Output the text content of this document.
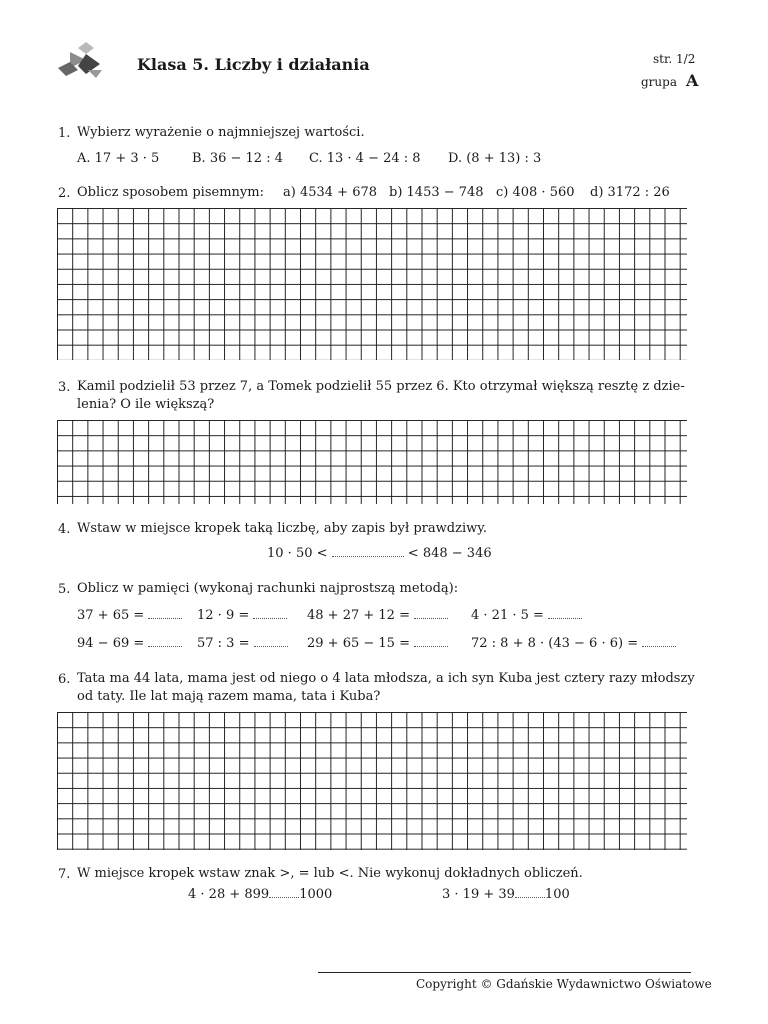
Klasa 5. Liczby i działania	str. 1/2
grupa A
1. Wybierz wyrażenie o najmniejszej wartości.
A. 17 + 3 · 5	B. 36 − 12 : 4 C. 13 · 4 − 24 : 8 D. (8 + 13) : 3
2. Oblicz sposobem pisemnym: a) 4534 + 678 b) 1453 − 748 c) 408 · 560 d) 3172 : 26
3. Kamil podzielił 53 przez 7, a Tomek podzielił 55 przez 6. Kto otrzymał większą resztę z dzie-
lenia? O ile większą?
4. Wstaw w miejsce kropek taką liczbę, aby zapis był prawdziwy.
10 · 50 <	< 848 − 346
5. Oblicz w pamięci (wykonaj rachunki najprostszą metodą):
37 + 65 =	12 · 9 =	48 + 27 + 12 =	4 · 21 · 5 =
94 − 69 =	57 : 3 =	29 + 65 − 15 =	72 : 8 + 8 · (43 − 6 · 6) =
6. Tata ma 44 lata, mama jest od niego o 4 lata młodsza, a ich syn Kuba jest cztery razy młodszy
od taty. Ile lat mają razem mama, tata i Kuba?
7. W miejsce kropek wstaw znak >, = lub <. Nie wykonuj dokładnych obliczeń.
4 · 28 + 899 1000	3 · 19 + 39 100
Copyright © Gdańskie Wydawnictwo Oświatowe
